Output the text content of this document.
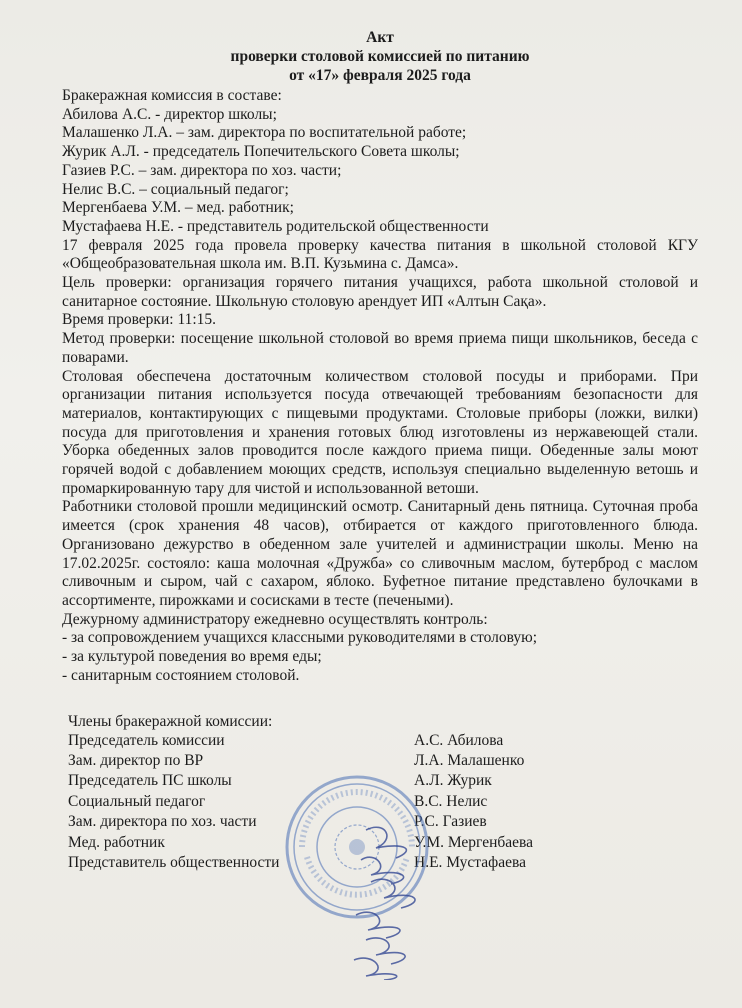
Акт
проверки столовой комиссией по питанию
от «17» февраля 2025 года

Бракеражная комиссия в составе:

Абилова А.С. - директор школы;

Малашенко Л.А. – зам. директора по воспитательной работе;

Журик А.Л. - председатель Попечительского Совета школы;

Газиев Р.С. – зам. директора по хоз. части;

Нелис В.С. – социальный педагог;

Мергенбаева У.М. – мед. работник;

Мустафаева Н.Е. - представитель родительской общественности

17 февраля 2025 года провела проверку качества питания в школьной столовой КГУ «Общеобразовательная школа им. В.П. Кузьмина с. Дамса».

Цель проверки: организация горячего питания учащихся, работа школьной столовой и санитарное состояние. Школьную столовую арендует ИП «Алтын Сақа».

Время проверки: 11:15.

Метод проверки: посещение школьной столовой во время приема пищи школьников, беседа с поварами.

Столовая обеспечена достаточным количеством столовой посуды и приборами. При организации питания используется посуда отвечающей требованиям безопасности для материалов, контактирующих с пищевыми продуктами. Столовые приборы (ложки, вилки) посуда для приготовления и хранения готовых блюд изготовлены из нержавеющей стали. Уборка обеденных залов проводится после каждого приема пищи. Обеденные залы моют горячей водой с добавлением моющих средств, используя специально выделенную ветошь и промаркированную тару для чистой и использованной ветоши.

Работники столовой прошли медицинский осмотр. Санитарный день пятница. Суточная проба имеется (срок хранения 48 часов), отбирается от каждого приготовленного блюда. Организовано дежурство в обеденном зале учителей и администрации школы. Меню на 17.02.2025г. состояло: каша молочная «Дружба» со сливочным маслом, бутерброд с маслом сливочным и сыром, чай с сахаром, яблоко. Буфетное питание представлено булочками в ассортименте, пирожками и сосисками в тесте (печеными).

Дежурному администратору ежедневно осуществлять контроль:

- за сопровождением учащихся классными руководителями в столовую;

- за культурой поведения во время еды;

- санитарным состоянием столовой.

Члены бракеражной комиссии:
Председатель комиссии	А.С. Абилова
Зам. директор по ВР	Л.А. Малашенко
Председатель ПС школы	А.Л. Журик
Социальный педагог	В.С. Нелис
Зам. директора по хоз. части	Р.С. Газиев
Мед. работник	У.М. Мергенбаева
Представитель общественности	Н.Е. Мустафаева
